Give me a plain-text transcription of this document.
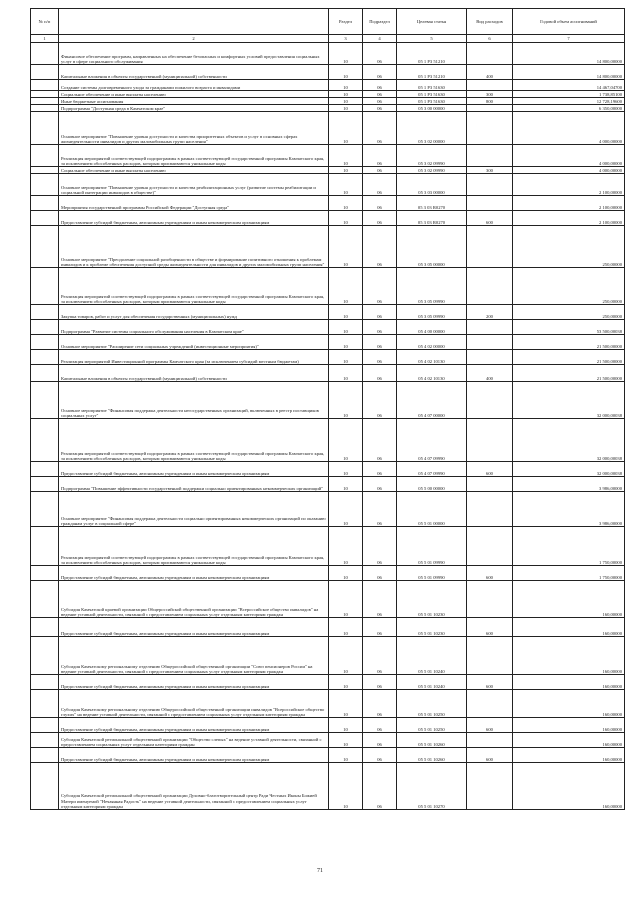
№ п/п		Раздел	Подраздел	Целевая статья	Вид расходов	Годовой объем ассигнований
1	2	3	4	5	6	7
	Финансовое обеспечение программ, направленных на обеспечение безопасных и комфортных условий предоставления социальных услуг в сфере социального обслуживания	10	06	05 1 P3 51210		14 800,00000
	Капитальные вложения в объекты государственной (муниципальной) собственности	10	06	05 1 P3 51210	400	14 800,00000
	Создание системы долговременного ухода за гражданами пожилого возраста и инвалидами	10	06	05 1 P3 51630		14 467,04700
	Социальное обеспечение и иные выплаты населению	10	06	05 1 P3 51630	300	1 738,85100
	Иные бюджетные ассигнования	10	06	05 1 P3 51630	800	12 728,19600
	Подпрограмма "Доступная среда в Камчатском крае"	10	06	05 3 00 00000		6 350,00000
	Основное мероприятие "Повышение уровня доступности и качества приоритетных объектов и услуг в основных сферах жизнедеятельности инвалидов и других маломобильных групп населения"	10	06	05 3 02 00000		4 000,00000
	Реализация мероприятий соответствующей подпрограммы в рамках соответствующей государственной программы Камчатского края, за исключением обособленных расходов, которым присваиваются уникальные коды	10	06	05 3 02 09990		4 000,00000
	Социальное обеспечение и иные выплаты населению	10	06	05 3 02 09990	300	4 000,00000
	Основное мероприятие "Повышение уровня доступности и качества реабилитационных услуг (развитие системы реабилитации и социальной интеграции инвалидов в обществе)"	10	06	05 3 03 00000		2 100,00000
	Мероприятия государственной программы Российской Федерации "Доступная среда"	10	06	05 3 03 R0270		2 100,00000
	Предоставление субсидий бюджетным, автономным учреждениям и иным некоммерческим организациям	10	06	05 3 03 R0270	600	2 100,00000
	Основное мероприятие "Преодоление социальной разобщенности в обществе и формирование позитивного отношения к проблемам инвалидов и к проблеме обеспечения доступной среды жизнедеятельности для инвалидов и других маломобильных групп населения"	10	06	05 3 05 00000		250,00000
	Реализация мероприятий соответствующей подпрограммы в рамках соответствующей государственной программы Камчатского края, за исключением обособленных расходов, которым присваиваются уникальные коды	10	06	05 3 05 09990		250,00000
	Закупка товаров, работ и услуг для обеспечения государственных (муниципальных) нужд	10	06	05 3 05 09990	200	250,00000
	Подпрограмма "Развитие системы социального обслуживания населения в Камчатском крае"	10	06	05 4 00 00000		53 500,00038
	Основное мероприятие "Расширение сети социальных учреждений (инвестиционные мероприятия)"	10	06	05 4 02 00000		21 500,00000
	Реализация мероприятий Инвестиционной программы Камчатского края (за исключением субсидий местным бюджетам)	10	06	05 4 02 10130		21 500,00000
	Капитальные вложения в объекты государственной (муниципальной) собственности	10	06	05 4 02 10130	400	21 500,00000
	Основное мероприятие "Финансовая поддержка деятельности негосударственных организаций, включенных в реестр поставщиков социальных услуг"	10	06	05 4 07 00000		32 000,00038
	Реализация мероприятий соответствующей подпрограммы в рамках соответствующей государственной программы Камчатского края, за исключением обособленных расходов, которым присваиваются уникальные коды	10	06	05 4 07 09990		32 000,00038
	Предоставление субсидий бюджетным, автономным учреждениям и иным некоммерческим организациям	10	06	05 4 07 09990	600	32 000,00038
	Подпрограмма "Повышение эффективности государственной поддержки социально ориентированных некоммерческих организаций"	10	06	05 5 00 00000		3 986,00000
	Основное мероприятие "Финансовая поддержка деятельности социально ориентированных некоммерческих организаций по оказанию гражданам услуг в социальной сфере"	10	06	05 5 01 00000		3 986,00000
	Реализация мероприятий соответствующей подпрограммы в рамках соответствующей государственной программы Камчатского края, за исключением обособленных расходов, которым присваиваются уникальные коды	10	06	05 5 01 09990		1 750,00000
	Предоставление субсидий бюджетным, автономным учреждениям и иным некоммерческим организациям	10	06	05 5 01 09990	600	1 750,00000
	Субсидия Камчатской краевой организации Общероссийской общественной организации "Всероссийское общество инвалидов" на ведение уставной деятельности, связанной с предоставлением социальных услуг отдельным категориям граждан	10	06	05 5 01 10230		160,00000
	Предоставление субсидий бюджетным, автономным учреждениям и иным некоммерческим организациям	10	06	05 5 01 10230	600	160,00000
	Субсидия Камчатскому региональному отделению Общероссийской общественной организации "Союз пенсионеров России" на ведение уставной деятельности, связанной с предоставлением социальных услуг отдельным категориям граждан	10	06	05 5 01 10240		160,00000
	Предоставление субсидий бюджетным, автономным учреждениям и иным некоммерческим организациям	10	06	05 5 01 10240	600	160,00000
	Субсидия Камчатскому региональному отделению Общероссийской общественной организации инвалидов "Всероссийское общество глухих" на ведение уставной деятельности, связанной с предоставлением социальных услуг отдельным категориям граждан	10	06	05 5 01 10250		160,00000
	Предоставление субсидий бюджетным, автономным учреждениям и иным некоммерческим организациям	10	06	05 5 01 10250	600	160,00000
	Субсидия Камчатской региональной общественной организации "Общество слепых" на ведение уставной деятельности, связанной с предоставлением социальных услуг отдельным категориям граждан	10	06	05 5 01 10260		160,00000
	Предоставление субсидий бюджетным, автономным учреждениям и иным некоммерческим организациям	10	06	05 5 01 10260	600	160,00000
	Субсидия Камчатской региональной общественной организации Духовно-благотворительный центр Ради Честных Иконы Божией Матери именуемой "Нечаянная Радость" на ведение уставной деятельности, связанной с предоставлением социальных услуг отдельным категориям граждан	10	06	05 5 01 10270		160,00000
71
